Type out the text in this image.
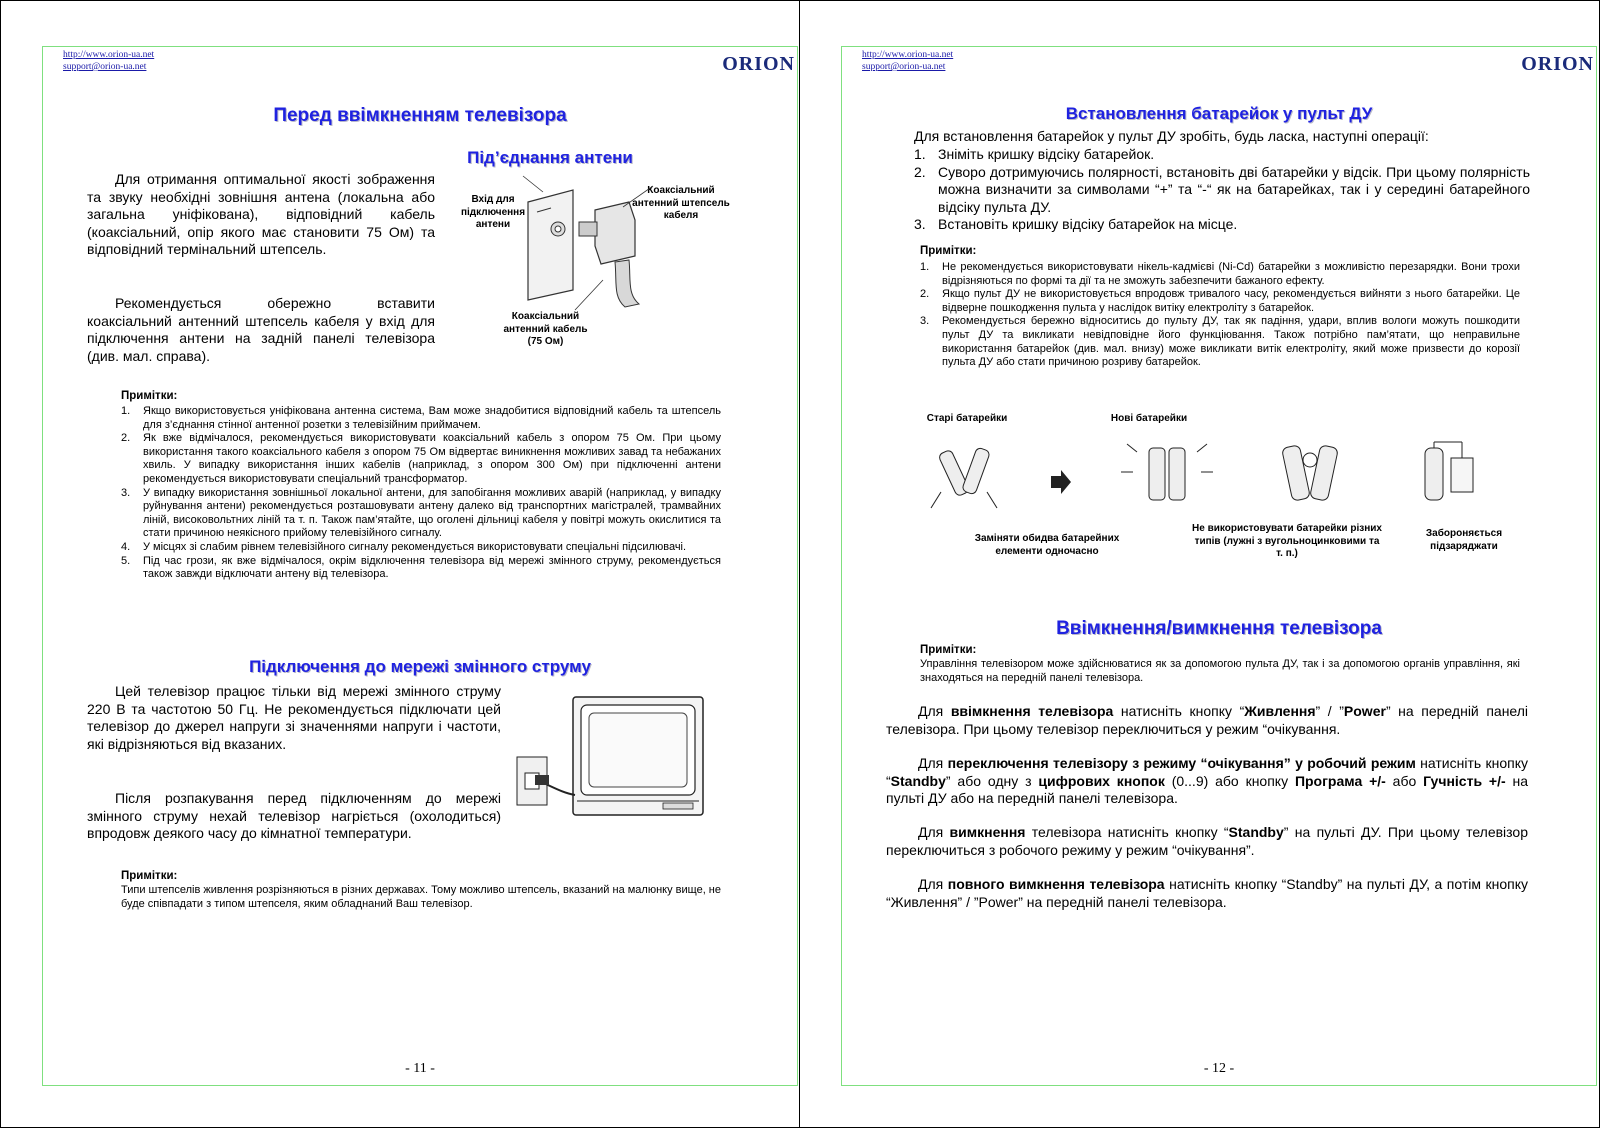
http://www.orion-ua.net
support@orion-ua.net	ORION
Перед ввімкненням телевізора
Під’єднання антени
Для отримання оптимальної якості зображення та звуку необхідні зовнішня антена (локальна або загальна уніфікована), відповідний кабель (коаксіальний, опір якого має становити 75 Ом) та відповідний термінальний штепсель.
Рекомендується обережно вставити коаксіальний антенний штепсель кабеля у вхід для підключення антени на задній панелі телевізора (див. мал. справа).
Вхід для підключення антени
Коаксіальний антенний штепсель кабеля
Коаксіальний антенний кабель (75 Ом)
Примітки:
1. Якщо використовується уніфікована антенна система, Вам може знадобитися відповідний кабель та штепсель для з’єднання стінної антенної розетки з телевізійним приймачем.
2. Як вже відмічалося, рекомендується використовувати коаксіальний кабель з опором 75 Ом. При цьому використання такого коаксіального кабеля з опором 75 Ом відвертає виникнення можливих завад та небажаних хвиль. У випадку використання інших кабелів (наприклад, з опором 300 Ом) при підключенні антени рекомендується використовувати спеціальний трансформатор.
3. У випадку використання зовнішньої локальної антени, для запобігання можливих аварій (наприклад, у випадку руйнування антени) рекомендується розташовувати антену далеко від транспортних магістралей, трамвайних ліній, високовольтних ліній та т. п. Також пам’ятайте, що оголені дільниці кабеля у повітрі можуть окислитися та стати причиною неякісного прийому телевізійного сигналу.
4. У місцях зі слабим рівнем телевізійного сигналу рекомендується використовувати спеціальні підсилювачі.
5. Під час грози, як вже відмічалося, окрім відключення телевізора від мережі змінного струму, рекомендується також завжди відключати антену від телевізора.
Підключення до мережі змінного струму
Цей телевізор працює тільки від мережі змінного струму 220 В та частотою 50 Гц. Не рекомендується підключати цей телевізор до джерел напруги зі значеннями напруги і частоти, які відрізняються від вказаних.
Після розпакування перед підключенням до мережі змінного струму нехай телевізор нагріється (охолодиться) впродовж деякого часу до кімнатної температури.
Примітки:
Типи штепселів живлення розрізняються в різних державах. Тому можливо штепсель, вказаний на малюнку вище, не буде співпадати з типом штепселя, яким обладнаний Ваш телевізор.
- 11 -
http://www.orion-ua.net
support@orion-ua.net	ORION
Встановлення батарейок у пульт ДУ
Для встановлення батарейок у пульт ДУ зробіть, будь ласка, наступні операції:
1. Зніміть кришку відсіку батарейок.
2. Суворо дотримуючись полярності, встановіть дві батарейки у відсік. При цьому полярність можна визначити за символами “+” та “-“ як на батарейках, так і у середині батарейного відсіку пульта ДУ.
3. Встановіть кришку відсіку батарейок на місце.
Примітки:
1. Не рекомендується використовувати нікель-кадмієві (Ni-Cd) батарейки з можливістю перезарядки. Вони трохи відрізняються по формі та дії та не зможуть забезпечити бажаного ефекту.
2. Якщо пульт ДУ не використовується впродовж тривалого часу, рекомендується вийняти з нього батарейки. Це відверне пошкодження пульта у наслідок витіку електроліту з батарейок.
3. Рекомендується бережно відноситись до пульту ДУ, так як падіння, удари, вплив вологи можуть пошкодити пульт ДУ та викликати невідповідне його функціювання. Також потрібно пам’ятати, що неправильне використання батарейок (див. мал. внизу) може викликати витік електроліту, який може призвести до корозії пульта ДУ або стати причиною розриву батарейок.
Старі батарейки	Нові батарейки
Заміняти обидва батарейних елементи одночасно
Не використовувати батарейки різних типів (лужні з вугольноцинковими та т. п.)
Забороняється підзаряджати
Ввімкнення/вимкнення телевізора
Примітки:
Управління телевізором може здійснюватися як за допомогою пульта ДУ, так і за допомогою органів управління, які знаходяться на передній панелі телевізора.
Для ввімкнення телевізора натисніть кнопку “Живлення” / ”Power” на передній панелі телевізора. При цьому телевізор переключиться у режим “очікування.
Для переключення телевізору з режиму “очікування” у робочий режим натисніть кнопку “Standby” або одну з цифрових кнопок (0...9) або кнопку Програма +/- або Гучність +/- на пульті ДУ або на передній панелі телевізора.
Для вимкнення телевізора натисніть кнопку “Standby” на пульті ДУ. При цьому телевізор переключиться з робочого режиму у режим “очікування”.
Для повного вимкнення телевізора натисніть кнопку “Standby” на пульті ДУ, а потім кнопку “Живлення” / ”Power” на передній панелі телевізора.
- 12 -
